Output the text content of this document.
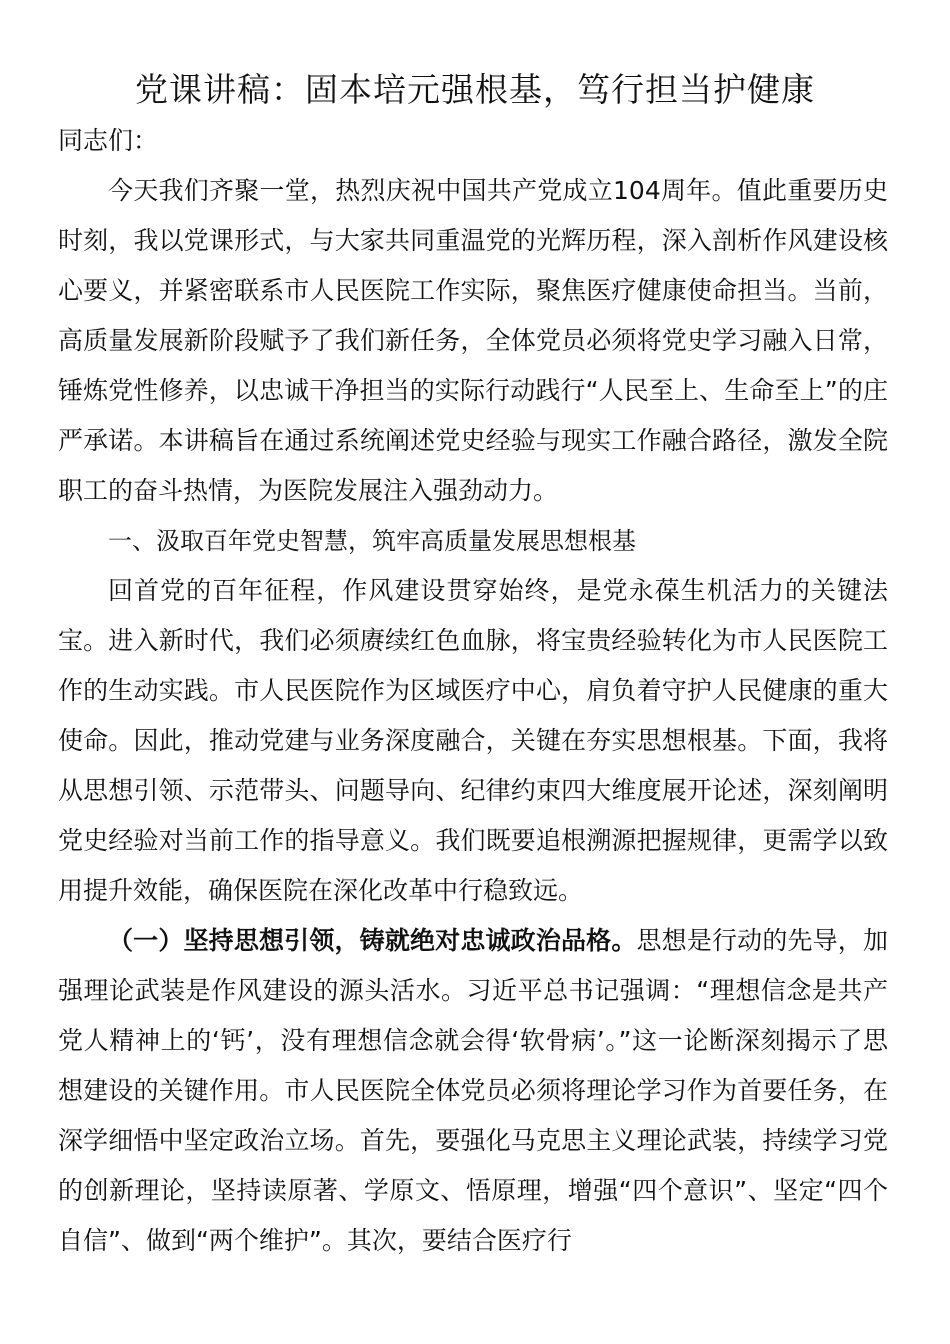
党课讲稿：固本培元强根基，笃行担当护健康

同志们：

今天我们齐聚一堂，热烈庆祝中国共产党成立104周年。值此重要历史时刻，我以党课形式，与大家共同重温党的光辉历程，深入剖析作风建设核心要义，并紧密联系市人民医院工作实际，聚焦医疗健康使命担当。当前，高质量发展新阶段赋予了我们新任务，全体党员必须将党史学习融入日常，锤炼党性修养，以忠诚干净担当的实际行动践行“人民至上、生命至上”的庄严承诺。本讲稿旨在通过系统阐述党史经验与现实工作融合路径，激发全院职工的奋斗热情，为医院发展注入强劲动力。

一、汲取百年党史智慧，筑牢高质量发展思想根基

回首党的百年征程，作风建设贯穿始终，是党永葆生机活力的关键法宝。进入新时代，我们必须赓续红色血脉，将宝贵经验转化为市人民医院工作的生动实践。市人民医院作为区域医疗中心，肩负着守护人民健康的重大使命。因此，推动党建与业务深度融合，关键在夯实思想根基。下面，我将从思想引领、示范带头、问题导向、纪律约束四大维度展开论述，深刻阐明党史经验对当前工作的指导意义。我们既要追根溯源把握规律，更需学以致用提升效能，确保医院在深化改革中行稳致远。

（一）坚持思想引领，铸就绝对忠诚政治品格。思想是行动的先导，加强理论武装是作风建设的源头活水。习近平总书记强调：“理想信念是共产党人精神上的‘钙’，没有理想信念就会得‘软骨病’。”这一论断深刻揭示了思想建设的关键作用。市人民医院全体党员必须将理论学习作为首要任务，在深学细悟中坚定政治立场。首先，要强化马克思主义理论武装，持续学习党的创新理论，坚持读原著、学原文、悟原理，增强“四个意识”、坚定“四个自信”、做到“两个维护”。其次，要结合医疗行
